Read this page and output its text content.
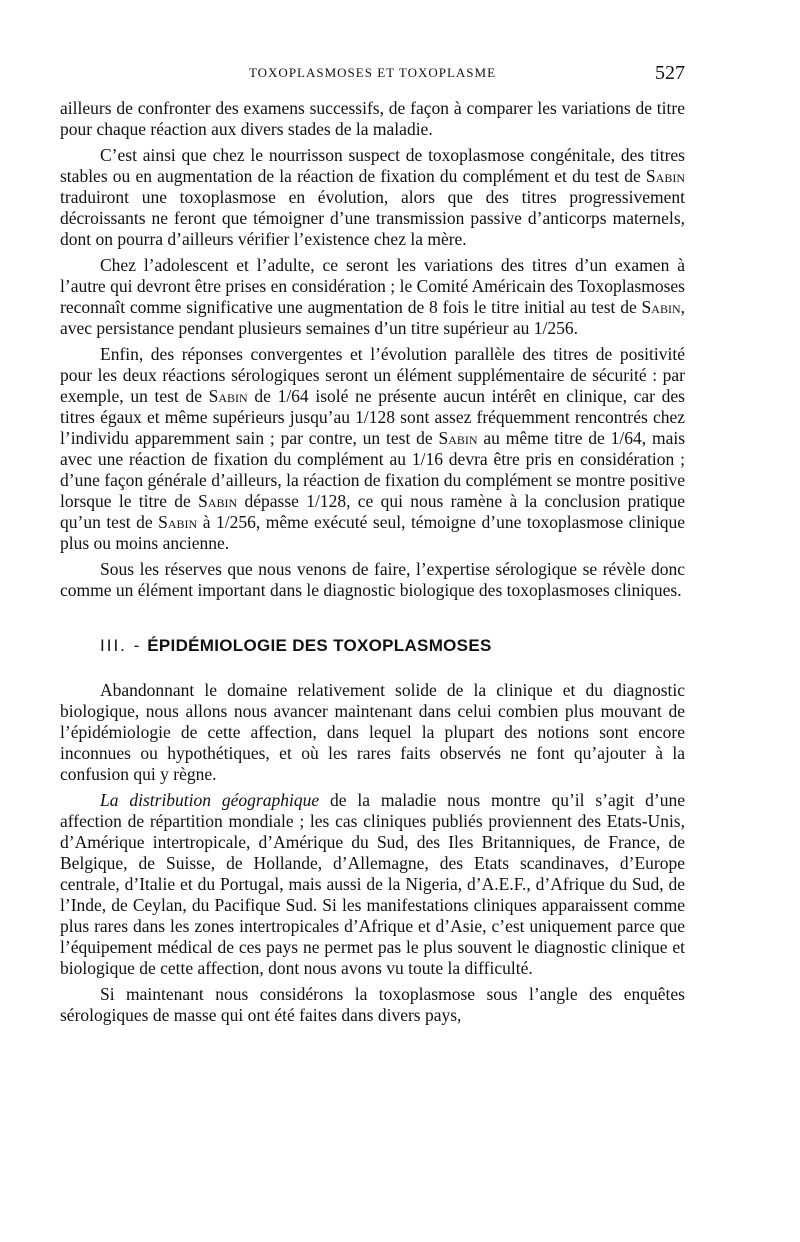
TOXOPLASMOSES ET TOXOPLASME	527

ailleurs de confronter des examens successifs, de façon à comparer les variations de titre pour chaque réaction aux divers stades de la maladie.

C’est ainsi que chez le nourrisson suspect de toxoplasmose congénitale, des titres stables ou en augmentation de la réaction de fixation du complément et du test de Sabin traduiront une toxoplasmose en évolution, alors que des titres progressivement décroissants ne feront que témoigner d’une transmission passive d’anticorps maternels, dont on pourra d’ailleurs vérifier l’existence chez la mère.

Chez l’adolescent et l’adulte, ce seront les variations des titres d’un examen à l’autre qui devront être prises en considération ; le Comité Américain des Toxoplasmoses reconnaît comme significative une augmentation de 8 fois le titre initial au test de Sabin, avec persistance pendant plusieurs semaines d’un titre supérieur au 1/256.

Enfin, des réponses convergentes et l’évolution parallèle des titres de positivité pour les deux réactions sérologiques seront un élément supplémentaire de sécurité : par exemple, un test de Sabin de 1/64 isolé ne présente aucun intérêt en clinique, car des titres égaux et même supérieurs jusqu’au 1/128 sont assez fréquemment rencontrés chez l’individu apparemment sain ; par contre, un test de Sabin au même titre de 1/64, mais avec une réaction de fixation du complément au 1/16 devra être pris en considération ; d’une façon générale d’ailleurs, la réaction de fixation du complément se montre positive lorsque le titre de Sabin dépasse 1/128, ce qui nous ramène à la conclusion pratique qu’un test de Sabin à 1/256, même exécuté seul, témoigne d’une toxoplasmose clinique plus ou moins ancienne.

Sous les réserves que nous venons de faire, l’expertise sérologique se révèle donc comme un élément important dans le diagnostic biologique des toxoplasmoses cliniques.

III. - ÉPIDÉMIOLOGIE DES TOXOPLASMOSES

Abandonnant le domaine relativement solide de la clinique et du diagnostic biologique, nous allons nous avancer maintenant dans celui combien plus mouvant de l’épidémiologie de cette affection, dans lequel la plupart des notions sont encore inconnues ou hypothétiques, et où les rares faits observés ne font qu’ajouter à la confusion qui y règne.

La distribution géographique de la maladie nous montre qu’il s’agit d’une affection de répartition mondiale ; les cas cliniques publiés proviennent des Etats-Unis, d’Amérique intertropicale, d’Amérique du Sud, des Iles Britanniques, de France, de Belgique, de Suisse, de Hollande, d’Allemagne, des Etats scandinaves, d’Europe centrale, d’Italie et du Portugal, mais aussi de la Nigeria, d’A.E.F., d’Afrique du Sud, de l’Inde, de Ceylan, du Pacifique Sud. Si les manifestations cliniques apparaissent comme plus rares dans les zones intertropicales d’Afrique et d’Asie, c’est uniquement parce que l’équipement médical de ces pays ne permet pas le plus souvent le diagnostic clinique et biologique de cette affection, dont nous avons vu toute la difficulté.

Si maintenant nous considérons la toxoplasmose sous l’angle des enquêtes sérologiques de masse qui ont été faites dans divers pays,
